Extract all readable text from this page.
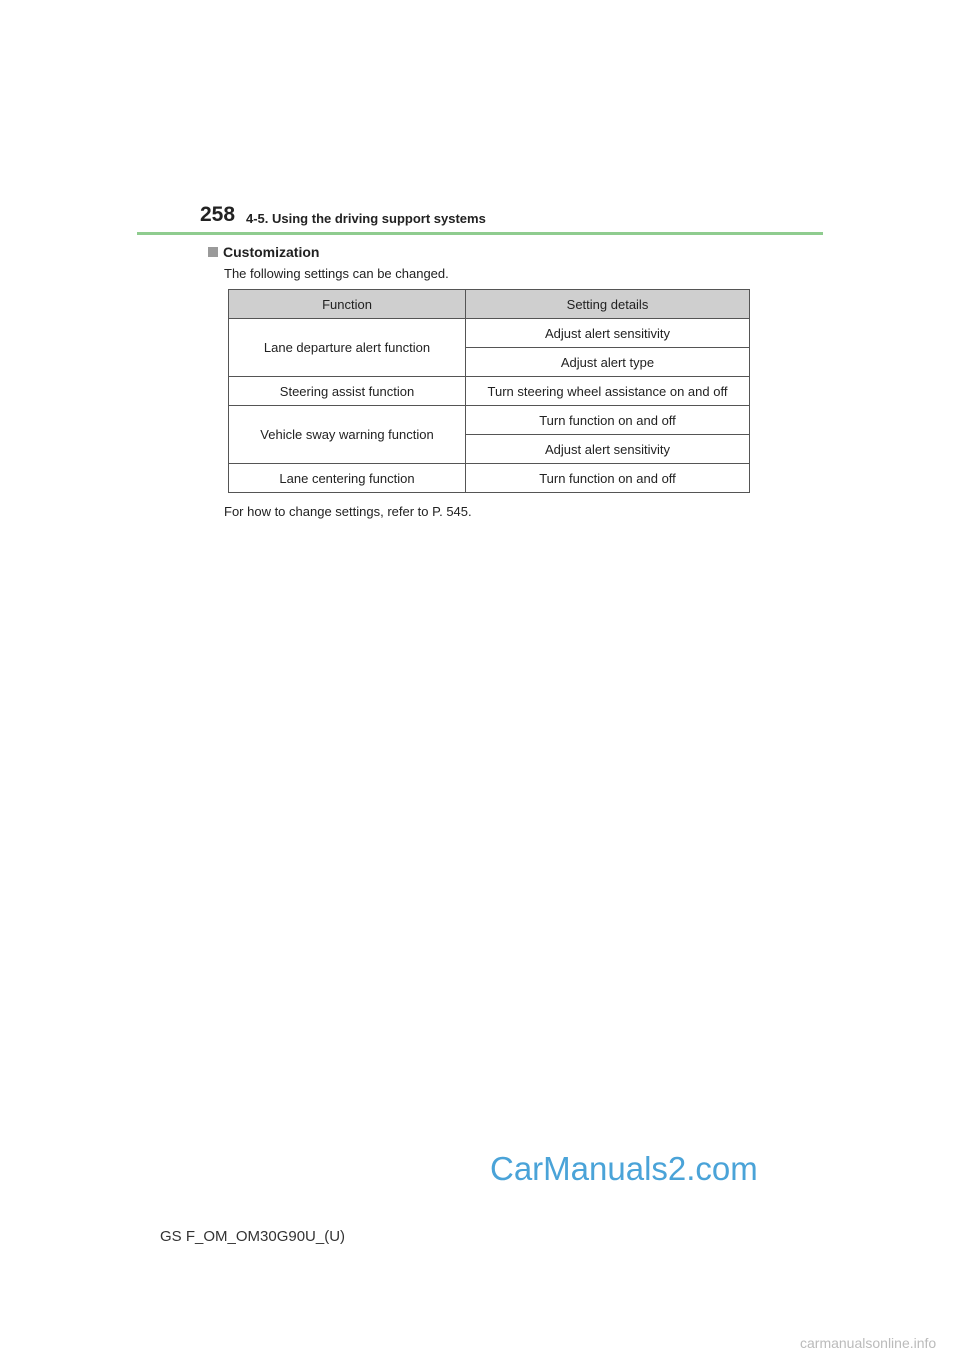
258 4-5. Using the driving support systems
Customization
The following settings can be changed.
Function	Setting details
Lane departure alert function	Adjust alert sensitivity
	Adjust alert type
Steering assist function	Turn steering wheel assistance on and off
Vehicle sway warning function	Turn function on and off
	Adjust alert sensitivity
Lane centering function	Turn function on and off
For how to change settings, refer to P. 545.
CarManuals2.com
GS F_OM_OM30G90U_(U)
carmanualsonline.info
